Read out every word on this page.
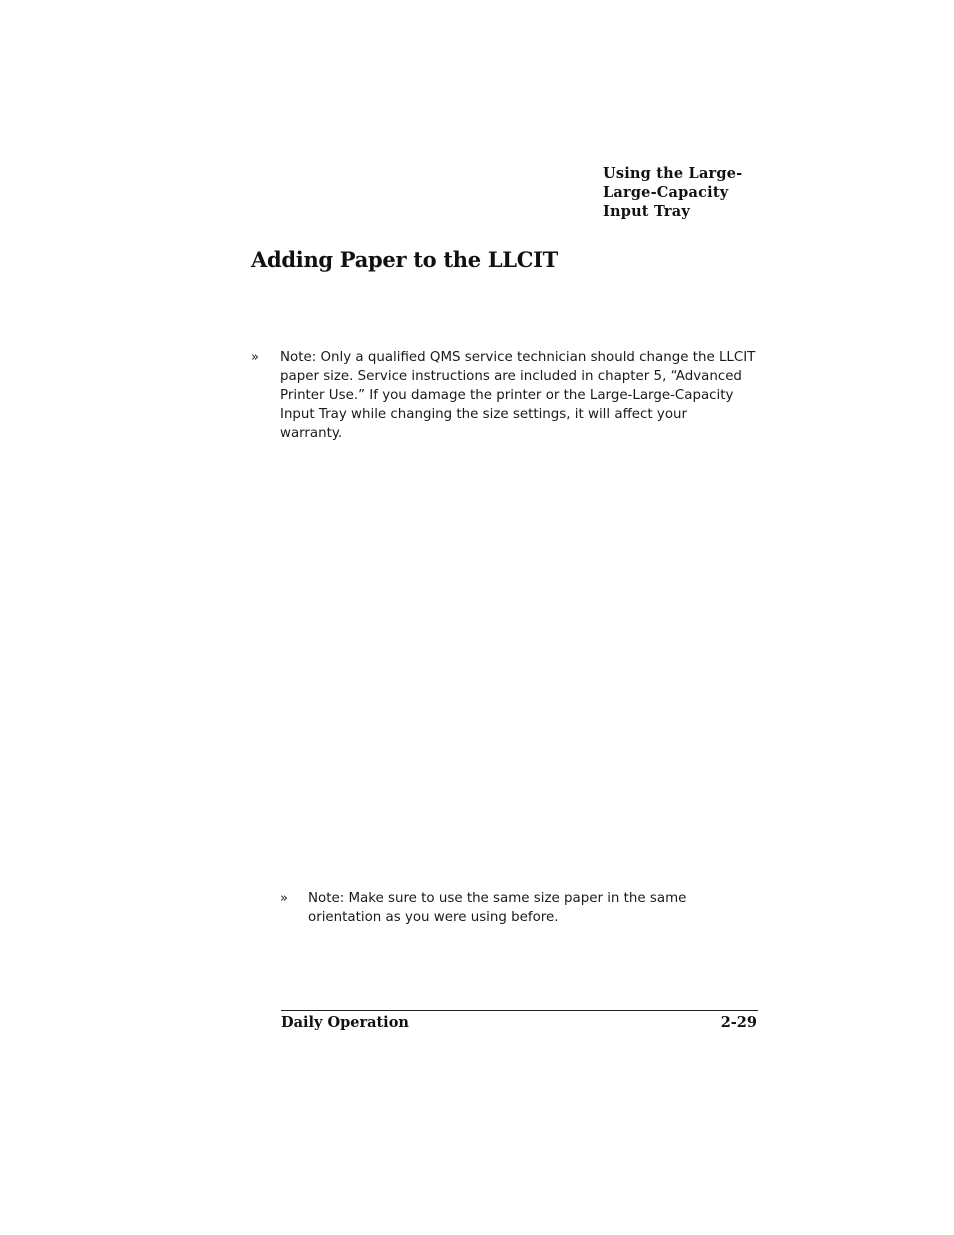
Using the Large-
Large-Capacity
Input Tray
Adding Paper to the LLCIT
» Note: Only a qualified QMS service technician should change the LLCIT
paper size. Service instructions are included in chapter 5, “Advanced
Printer Use.” If you damage the printer or the Large-Large-Capacity
Input Tray while changing the size settings, it will affect your
warranty.
» Note: Make sure to use the same size paper in the same
orientation as you were using before.
Daily Operation	2-29
